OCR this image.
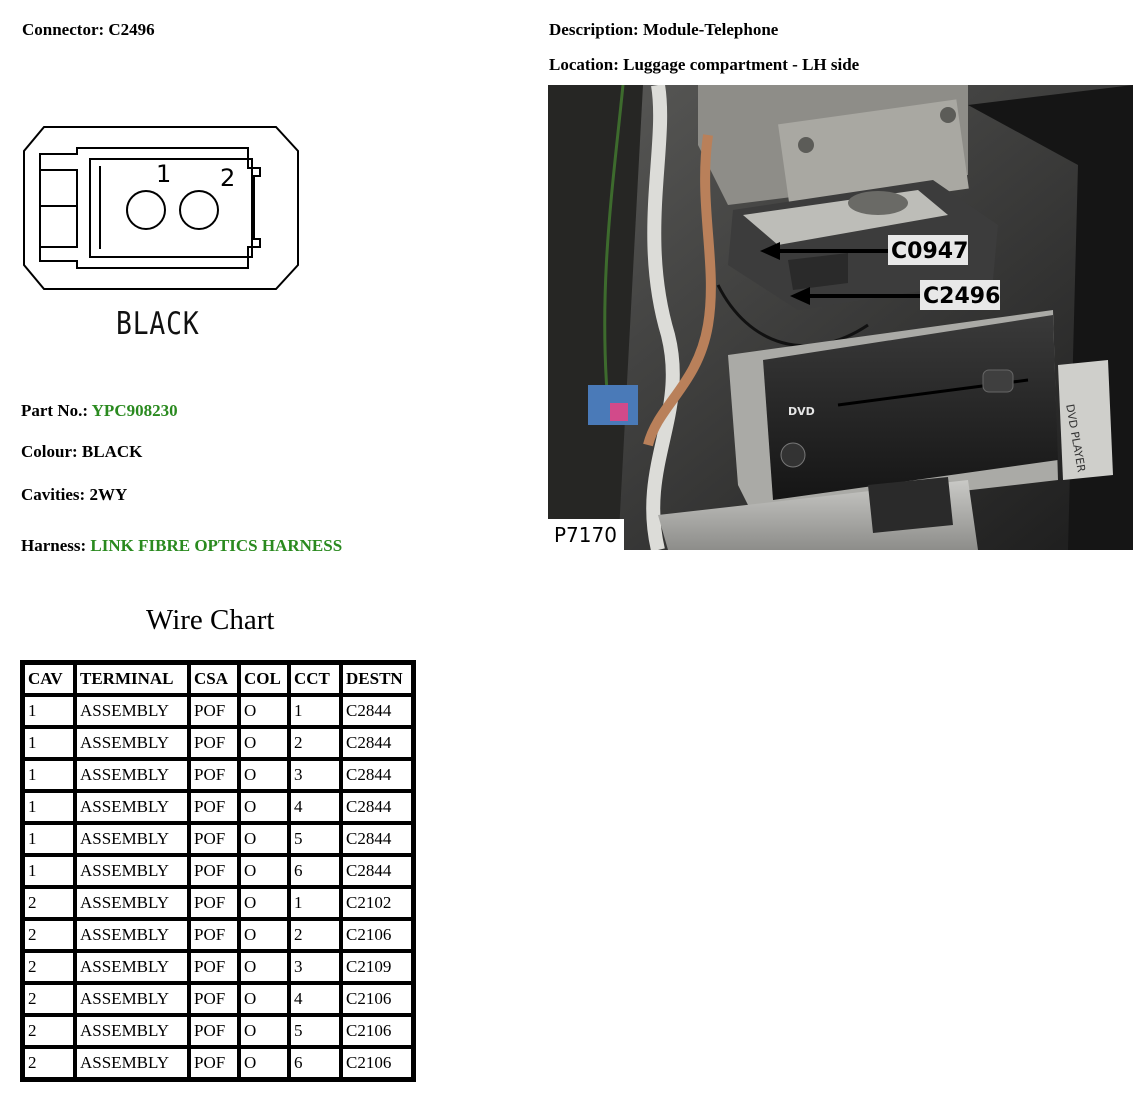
Connector: C2496	Description: Module-Telephone
Location: Luggage compartment - LH side
1 2
BLACK
Part No.: YPC908230
Colour: BLACK
Cavities: 2WY
Harness: LINK FIBRE OPTICS HARNESS
Wire Chart
CAV	TERMINAL	CSA	COL	CCT	DESTN
1	ASSEMBLY	POF	O	1	C2844
1	ASSEMBLY	POF	O	2	C2844
1	ASSEMBLY	POF	O	3	C2844
1	ASSEMBLY	POF	O	4	C2844
1	ASSEMBLY	POF	O	5	C2844
1	ASSEMBLY	POF	O	6	C2844
2	ASSEMBLY	POF	O	1	C2102
2	ASSEMBLY	POF	O	2	C2106
2	ASSEMBLY	POF	O	3	C2109
2	ASSEMBLY	POF	O	4	C2106
2	ASSEMBLY	POF	O	5	C2106
2	ASSEMBLY	POF	O	6	C2106
DVD	DVD PLAYER
C0947
C2496
P7170
